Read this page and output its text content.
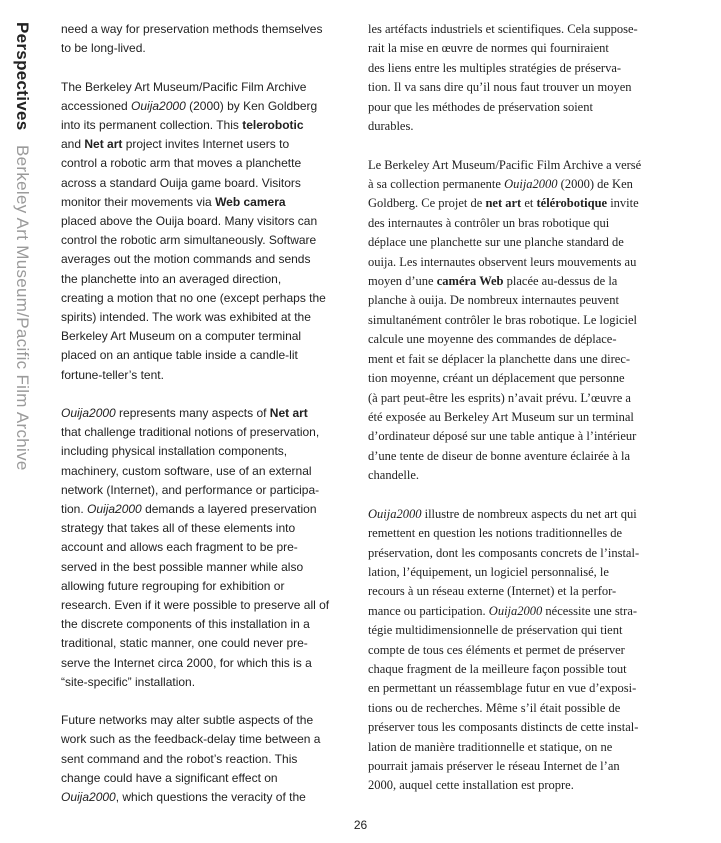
Perspectives Berkeley Art Museum/Pacific Film Archive

need a way for preservation methods themselves
to be long-lived.

The Berkeley Art Museum/Pacific Film Archive
accessioned Ouija2000 (2000) by Ken Goldberg
into its permanent collection. This telerobotic
and Net art project invites Internet users to
control a robotic arm that moves a planchette
across a standard Ouija game board. Visitors
monitor their movements via Web camera
placed above the Ouija board. Many visitors can
control the robotic arm simultaneously. Software
averages out the motion commands and sends
the planchette into an averaged direction,
creating a motion that no one (except perhaps the
spirits) intended. The work was exhibited at the
Berkeley Art Museum on a computer terminal
placed on an antique table inside a candle-lit
fortune-teller’s tent.

Ouija2000 represents many aspects of Net art
that challenge traditional notions of preservation,
including physical installation components,
machinery, custom software, use of an external
network (Internet), and performance or participa-
tion. Ouija2000 demands a layered preservation
strategy that takes all of these elements into
account and allows each fragment to be pre-
served in the best possible manner while also
allowing future regrouping for exhibition or
research. Even if it were possible to preserve all of
the discrete components of this installation in a
traditional, static manner, one could never pre-
serve the Internet circa 2000, for which this is a
“site-specific” installation.

Future networks may alter subtle aspects of the
work such as the feedback-delay time between a
sent command and the robot’s reaction. This
change could have a significant effect on
Ouija2000, which questions the veracity of the

les artéfacts industriels et scientifiques. Cela suppose-
rait la mise en œuvre de normes qui fourniraient
des liens entre les multiples stratégies de préserva-
tion. Il va sans dire qu’il nous faut trouver un moyen
pour que les méthodes de préservation soient
durables.

Le Berkeley Art Museum/Pacific Film Archive a versé
à sa collection permanente Ouija2000 (2000) de Ken
Goldberg. Ce projet de net art et télérobotique invite
des internautes à contrôler un bras robotique qui
déplace une planchette sur une planche standard de
ouija. Les internautes observent leurs mouvements au
moyen d’une caméra Web placée au-dessus de la
planche à ouija. De nombreux internautes peuvent
simultanément contrôler le bras robotique. Le logiciel
calcule une moyenne des commandes de déplace-
ment et fait se déplacer la planchette dans une direc-
tion moyenne, créant un déplacement que personne
(à part peut-être les esprits) n’avait prévu. L’œuvre a
été exposée au Berkeley Art Museum sur un terminal
d’ordinateur déposé sur une table antique à l’intérieur
d’une tente de diseur de bonne aventure éclairée à la
chandelle.

Ouija2000 illustre de nombreux aspects du net art qui
remettent en question les notions traditionnelles de
préservation, dont les composants concrets de l’instal-
lation, l’équipement, un logiciel personnalisé, le
recours à un réseau externe (Internet) et la perfor-
mance ou participation. Ouija2000 nécessite une stra-
tégie multidimensionnelle de préservation qui tient
compte de tous ces éléments et permet de préserver
chaque fragment de la meilleure façon possible tout
en permettant un réassemblage futur en vue d’exposi-
tions ou de recherches. Même s’il était possible de
préserver tous les composants distincts de cette instal-
lation de manière traditionnelle et statique, on ne
pourrait jamais préserver le réseau Internet de l’an
2000, auquel cette installation est propre.

26
